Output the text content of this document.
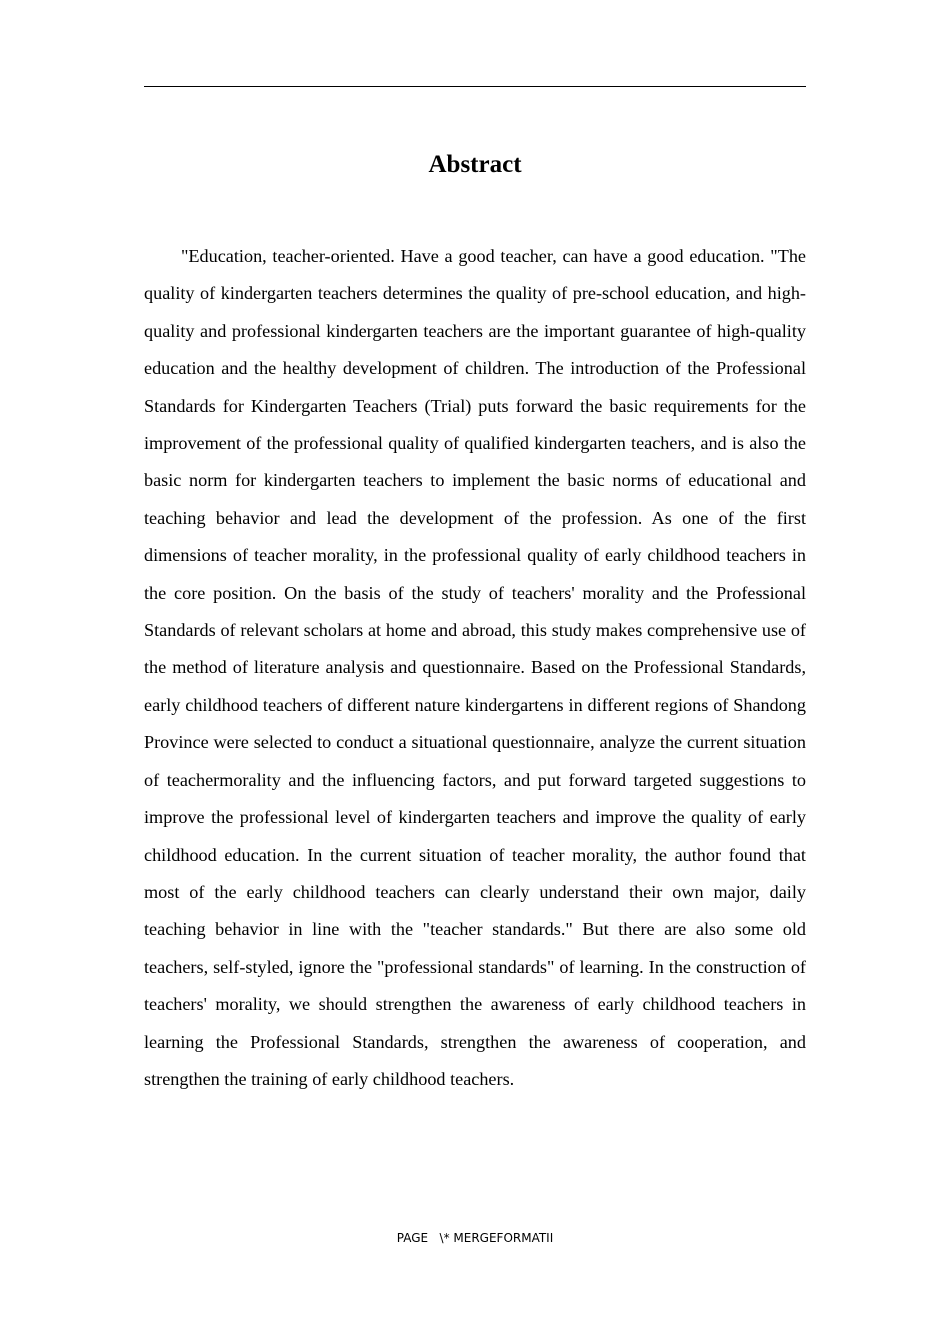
Abstract

"Education, teacher-oriented. Have a good teacher, can have a good education. "The quality of kindergarten teachers determines the quality of pre-school education, and high-quality and professional kindergarten teachers are the important guarantee of high-quality education and the healthy development of children. The introduction of the Professional Standards for Kindergarten Teachers (Trial) puts forward the basic requirements for the improvement of the professional quality of qualified kindergarten teachers, and is also the basic norm for kindergarten teachers to implement the basic norms of educational and teaching behavior and lead the development of the profession. As one of the first dimensions of teacher morality, in the professional quality of early childhood teachers in the core position. On the basis of the study of teachers' morality and the Professional Standards of relevant scholars at home and abroad, this study makes comprehensive use of the method of literature analysis and questionnaire. Based on the Professional Standards, early childhood teachers of different nature kindergartens in different regions of Shandong Province were selected to conduct a situational questionnaire, analyze the current situation of teachermorality and the influencing factors, and put forward targeted suggestions to improve the professional level of kindergarten teachers and improve the quality of early childhood education. In the current situation of teacher morality, the author found that most of the early childhood teachers can clearly understand their own major, daily teaching behavior in line with the "teacher standards." But there are also some old teachers, self-styled, ignore the "professional standards" of learning. In the construction of teachers' morality, we should strengthen the awareness of early childhood teachers in learning the Professional Standards, strengthen the awareness of cooperation, and strengthen the training of early childhood teachers.

PAGE   \* MERGEFORMATII
